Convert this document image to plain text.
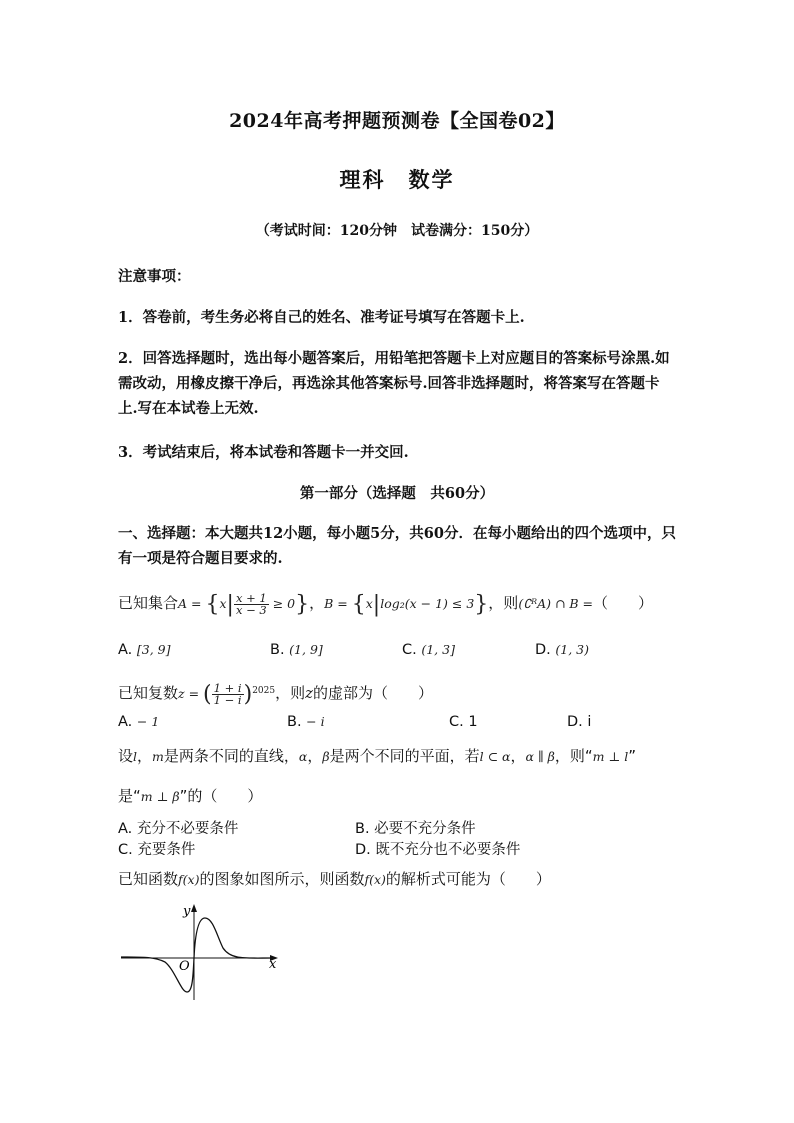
2024年高考押题预测卷【全国卷02】
理科　数学
（考试时间：120分钟　试卷满分：150分）
注意事项：
1．答卷前，考生务必将自己的姓名、准考证号填写在答题卡上.
2．回答选择题时，选出每小题答案后，用铅笔把答题卡上对应题目的答案标号涂黑.如需改动，用橡皮擦干净后，再选涂其他答案标号.回答非选择题时，将答案写在答题卡上.写在本试卷上无效.
3．考试结束后，将本试卷和答题卡一并交回.
第一部分（选择题　共60分）
一、选择题：本大题共12小题，每小题5分，共60分．在每小题给出的四个选项中，只有一项是符合题目要求的.
已知集合$A = \{x| \frac{x + 1}{x - 3} \ge 0\}$，B = {x|log₂(x − 1) ≤ 3}，则(∁ᴿA) ∩ B =（　　）
A. [3, 9]	B. (1, 9]	C. (1, 3]	D. (1, 3)
已知复数z = ( $\frac{1 + i}{1 - i} )^{2025}$，则z的虚部为（　　）
A. − 1	B. − i	C. 1	D. i
设l，m是两条不同的直线，α，β是两个不同的平面，若l ⊂ α，α ∥ β，则“m ⊥ l”
是“m ⊥ β”的（　　）
A. 充分不必要条件	B. 必要不充分条件
C. 充要条件	D. 既不充分也不必要条件
已知函数f(x)的图象如图所示，则函数f(x)的解析式可能为（　　）
y
x
O
